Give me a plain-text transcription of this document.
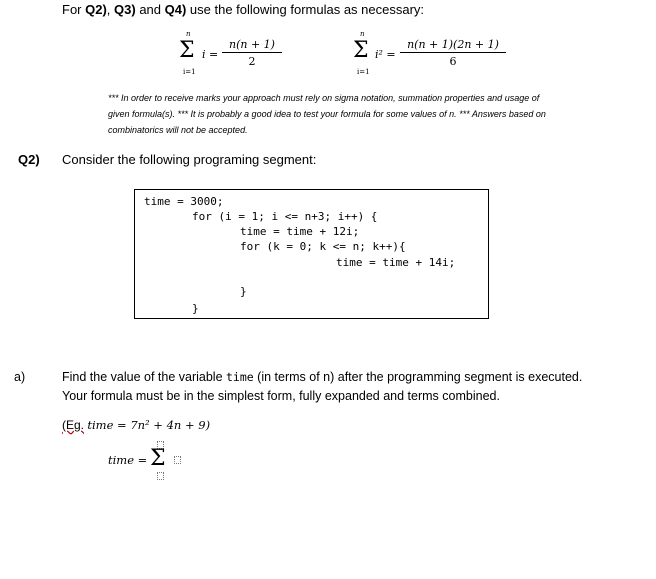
For Q2), Q3) and Q4) use the following formulas as necessary:
n
Σ
i=1
$i = \frac{n(n + 1)}{2}$
n
Σ
i=1
$i^2 = \frac{n(n + 1)(2n + 1)}{6}$
*** In order to receive marks your approach must rely on sigma notation, summation properties and usage of
given formula(s). *** It is probably a good idea to test your formula for some values of n. *** Answers based on
combinatorics will not be accepted.
Q2) Consider the following programing segment:
time = 3000;
for (i = 1; i <= n+3; i++) {
time = time + 12i;
for (k = 0; k <= n; k++){
time = time + 14i;
}
}
a)	Find the value of the variable time (in terms of n) after the programming segment is executed.
Your formula must be in the simplest form, fully expanded and terms combined.
(Eg. time = 7n² + 4n + 9)
time = Σ
